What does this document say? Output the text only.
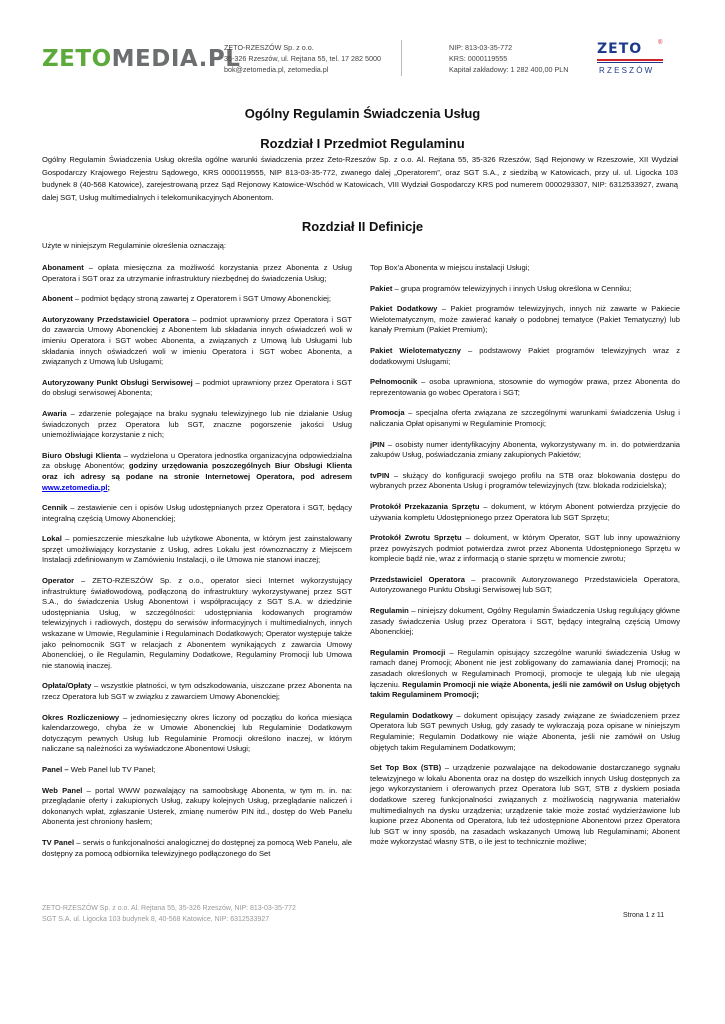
ZETOMEDIA.PL
ZETO-RZESZÓW Sp. z o.o.
35-326 Rzeszów, ul. Rejtana 55, tel. 17 282 5000
bok@zetomedia.pl, zetomedia.pl
NIP: 813-03-35-772
KRS: 0000119555
Kapitał zakładowy: 1 282 400,00 PLN
ZETO	®
RZESZÓW
Ogólny Regulamin Świadczenia Usług
Rozdział I Przedmiot Regulaminu
Ogólny Regulamin Świadczenia Usług określa ogólne warunki świadczenia przez Zeto-Rzeszów Sp. z o.o. Al. Rejtana 55, 35-326 Rzeszów, Sąd Rejonowy w Rzeszowie, XII Wydział Gospodarczy Krajowego Rejestru Sądowego, KRS 0000119555, NIP 813-03-35-772, zwanego dalej „Operatorem”, oraz SGT S.A., z siedzibą w Katowicach, przy ul. ul. Ligocka 103 budynek 8 (40-568 Katowice), zarejestrowaną przez Sąd Rejonowy Katowice-Wschód w Katowicach, VIII Wydział Gospodarczy KRS pod numerem 0000293307, NIP: 6312533927, zwaną dalej SGT, Usług multimedialnych i telekomunikacyjnych Abonentom.
Rozdział II Definicje
Użyte w niniejszym Regulaminie określenia oznaczają:

Abonament – opłata miesięczna za możliwość korzystania przez Abonenta z Usług Operatora i SGT oraz za utrzymanie infrastruktury niezbędnej do świadczenia Usług;

Abonent – podmiot będący stroną zawartej z Operatorem i SGT Umowy Abonenckiej;

Autoryzowany Przedstawiciel Operatora – podmiot uprawniony przez Operatora i SGT do zawarcia Umowy Abonenckiej z Abonentem lub składania innych oświadczeń woli w imieniu Operatora i SGT wobec Abonenta, a związanych z Umową lub Usługami lub składania innych oświadczeń woli w imieniu Operatora i SGT wobec Abonenta, a związanych z Umową lub Usługami;

Autoryzowany Punkt Obsługi Serwisowej – podmiot uprawniony przez Operatora i SGT do obsługi serwisowej Abonenta;

Awaria – zdarzenie polegające na braku sygnału telewizyjnego lub nie działanie Usług świadczonych przez Operatora lub SGT, znaczne pogorszenie jakości Usług uniemożliwiające korzystanie z nich;

Biuro Obsługi Klienta – wydzielona u Operatora jednostka organizacyjna odpowiedzialna za obsługę Abonentów; godziny urzędowania poszczególnych Biur Obsługi Klienta oraz ich adresy są podane na stronie Internetowej Operatora, pod adresem www.zetomedia.pl;

Cennik – zestawienie cen i opisów Usług udostępnianych przez Operatora i SGT, będący integralną częścią Umowy Abonenckiej;

Lokal – pomieszczenie mieszkalne lub użytkowe Abonenta, w którym jest zainstalowany sprzęt umożliwiający korzystanie z Usług, adres Lokalu jest równoznaczny z Miejscem Instalacji zdefiniowanym w Zamówieniu Instalacji, o ile Umowa nie stanowi inaczej;

Operator – ZETO-RZESZÓW Sp. z o.o., operator sieci Internet wykorzystujący infrastrukturę światłowodową, podłączoną do infrastruktury wykorzystywanej przez SGT S.A., do świadczenia Usług Abonentowi i współpracujący z SGT S.A. w dziedzinie udostępniania Usług, w szczególności: udostępniania kodowanych programów telewizyjnych i radiowych, dostępu do serwisów informacyjnych i multimedialnych, innych wskazane w Umowie, Regulaminie i Regulaminach Dodatkowych; Operator występuje także jako pełnomocnik SGT w relacjach z Abonentem wynikających z zawarcia Umowy Abonenckiej, o ile Regulamin, Regulaminy Dodatkowe, Regulaminy Promocji lub Umowa nie stanowią inaczej.

Opłata/Opłaty – wszystkie płatności, w tym odszkodowania, uiszczane przez Abonenta na rzecz Operatora lub SGT w związku z zawarciem Umowy Abonenckiej;

Okres Rozliczeniowy – jednomiesięczny okres liczony od początku do końca miesiąca kalendarzowego, chyba że w Umowie Abonenckiej lub Regulaminie Dodatkowym dotyczącym pewnych Usług lub Regulaminie Promocji określono inaczej, w którym naliczane są należności za wyświadczone Abonentowi Usługi;

Panel – Web Panel lub TV Panel;

Web Panel – portal WWW pozwalający na samoobsługę Abonenta, w tym m. in. na: przeglądanie oferty i zakupionych Usług, zakupy kolejnych Usług, przeglądanie naliczeń i dokonanych wpłat, zgłaszanie Usterek, zmianę numerów PIN itd., dostęp do Web Panelu Abonenta jest chroniony hasłem;

TV Panel – serwis o funkcjonalności analogicznej do dostępnej za pomocą Web Panelu, ale dostępny za pomocą odbiornika telewizyjnego podłączonego do Set

Top Box’a Abonenta w miejscu instalacji Usługi;

Pakiet – grupa programów telewizyjnych i innych Usług określona w Cenniku;

Pakiet Dodatkowy – Pakiet programów telewizyjnych, innych niż zawarte w Pakiecie Wielotematycznym, może zawierać kanały o podobnej tematyce (Pakiet Tematyczny) lub kanały Premium (Pakiet Premium);

Pakiet Wielotematyczny – podstawowy Pakiet programów telewizyjnych wraz z dodatkowymi Usługami;

Pełnomocnik – osoba uprawniona, stosownie do wymogów prawa, przez Abonenta do reprezentowania go wobec Operatora i SGT;

Promocja – specjalna oferta związana ze szczególnymi warunkami świadczenia Usług i naliczania Opłat opisanymi w Regulaminie Promocji;

jPIN – osobisty numer identyfikacyjny Abonenta, wykorzystywany m. in. do potwierdzania zakupów Usług, poświadczania zmiany zakupionych Pakietów;

tvPIN – służący do konfiguracji swojego profilu na STB oraz blokowania dostępu do wybranych przez Abonenta Usług i programów telewizyjnych (tzw. blokada rodzicielska);

Protokół Przekazania Sprzętu – dokument, w którym Abonent potwierdza przyjęcie do używania kompletu Udostępnionego przez Operatora lub SGT Sprzętu;

Protokół Zwrotu Sprzętu – dokument, w którym Operator, SGT lub inny upoważniony przez powyższych podmiot potwierdza zwrot przez Abonenta Udostępnionego Sprzętu w komplecie bądź nie, wraz z informacją o stanie sprzętu w momencie zwrotu;

Przedstawiciel Operatora – pracownik Autoryzowanego Przedstawiciela Operatora, Autoryzowanego Punktu Obsługi Serwisowej lub SGT;

Regulamin – niniejszy dokument, Ogólny Regulamin Świadczenia Usług regulujący główne zasady świadczenia Usług przez Operatora i SGT, będący integralną częścią Umowy Abonenckiej;

Regulamin Promocji – Regulamin opisujący szczególne warunki świadczenia Usług w ramach danej Promocji; Abonent nie jest zobligowany do zamawiania danej Promocji; na zasadach określonych w Regulaminach Promocji, promocje te ulegają lub nie ulegają łączeniu. Regulamin Promocji nie wiąże Abonenta, jeśli nie zamówił on Usług objętych takim Regulaminem Promocji;

Regulamin Dodatkowy – dokument opisujący zasady związane ze świadczeniem przez Operatora lub SGT pewnych Usług, gdy zasady te wykraczają poza opisane w niniejszym Regulaminie; Regulamin Dodatkowy nie wiąże Abonenta, jeśli nie zamówił on Usług objętych takim Regulaminem Dodatkowym;

Set Top Box (STB) – urządzenie pozwalające na dekodowanie dostarczanego sygnału telewizyjnego w lokalu Abonenta oraz na dostęp do wszelkich innych Usług dostępnych za jego wykorzystaniem i oferowanych przez Operatora lub SGT, STB z dyskiem posiada dodatkowe szereg funkcjonalności związanych z możliwością nagrywania materiałów multimedialnych na dysku urządzenia; urządzenie takie może zostać wydzierżawione lub kupione przez Abonenta od Operatora, lub też udostępnione Abonentowi przez Operatora lub SGT w inny sposób, na zasadach wskazanych Umową lub Regulaminami; Abonent może wykorzystać własny STB, o ile jest to technicznie możliwe;

ZETO-RZESZÓW Sp. z o.o. Al. Rejtana 55, 35-326 Rzeszów, NIP: 813-03-35-772
SGT S.A. ul. Ligocka 103 budynek 8, 40-568 Katowice, NIP: 6312533927	Strona 1 z 11
